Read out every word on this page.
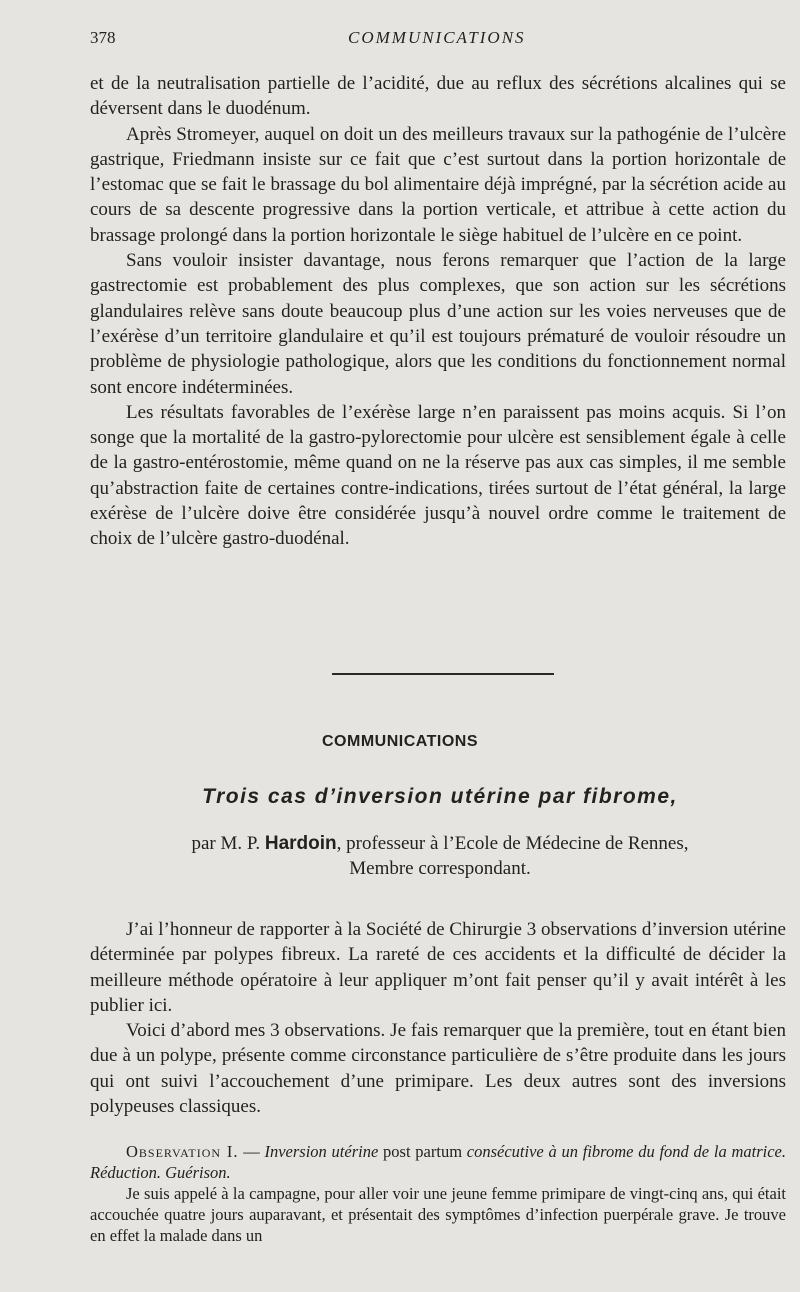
378	COMMUNICATIONS

et de la neutralisation partielle de l’acidité, due au reflux des sécrétions alcalines qui se déversent dans le duodénum.

Après Stromeyer, auquel on doit un des meilleurs travaux sur la pathogénie de l’ulcère gastrique, Friedmann insiste sur ce fait que c’est surtout dans la portion horizontale de l’estomac que se fait le brassage du bol alimentaire déjà imprégné, par la sécrétion acide au cours de sa descente progressive dans la portion verticale, et attribue à cette action du brassage prolongé dans la portion horizontale le siège habituel de l’ulcère en ce point.

Sans vouloir insister davantage, nous ferons remarquer que l’action de la large gastrectomie est probablement des plus complexes, que son action sur les sécrétions glandulaires relève sans doute beaucoup plus d’une action sur les voies nerveuses que de l’exérèse d’un territoire glandulaire et qu’il est toujours prématuré de vouloir résoudre un problème de physiologie pathologique, alors que les conditions du fonctionnement normal sont encore indéterminées.

Les résultats favorables de l’exérèse large n’en paraissent pas moins acquis. Si l’on songe que la mortalité de la gastro-pylorectomie pour ulcère est sensiblement égale à celle de la gastro-entérostomie, même quand on ne la réserve pas aux cas simples, il me semble qu’abstraction faite de certaines contre-indications, tirées surtout de l’état général, la large exérèse de l’ulcère doive être considérée jusqu’à nouvel ordre comme le traitement de choix de l’ulcère gastro-duodénal.

COMMUNICATIONS
Trois cas d’inversion utérine par fibrome,
par M. P. Hardoin, professeur à l’Ecole de Médecine de Rennes,
Membre correspondant.

J’ai l’honneur de rapporter à la Société de Chirurgie 3 observations d’inversion utérine déterminée par polypes fibreux. La rareté de ces accidents et la difficulté de décider la meilleure méthode opératoire à leur appliquer m’ont fait penser qu’il y avait intérêt à les publier ici.

Voici d’abord mes 3 observations. Je fais remarquer que la première, tout en étant bien due à un polype, présente comme circonstance particulière de s’être produite dans les jours qui ont suivi l’accouchement d’une primipare. Les deux autres sont des inversions polypeuses classiques.

Observation I. — Inversion utérine post partum consécutive à un fibrome du fond de la matrice. Réduction. Guérison.

Je suis appelé à la campagne, pour aller voir une jeune femme primipare de vingt-cinq ans, qui était accouchée quatre jours auparavant, et présentait des symptômes d’infection puerpérale grave. Je trouve en effet la malade dans un
